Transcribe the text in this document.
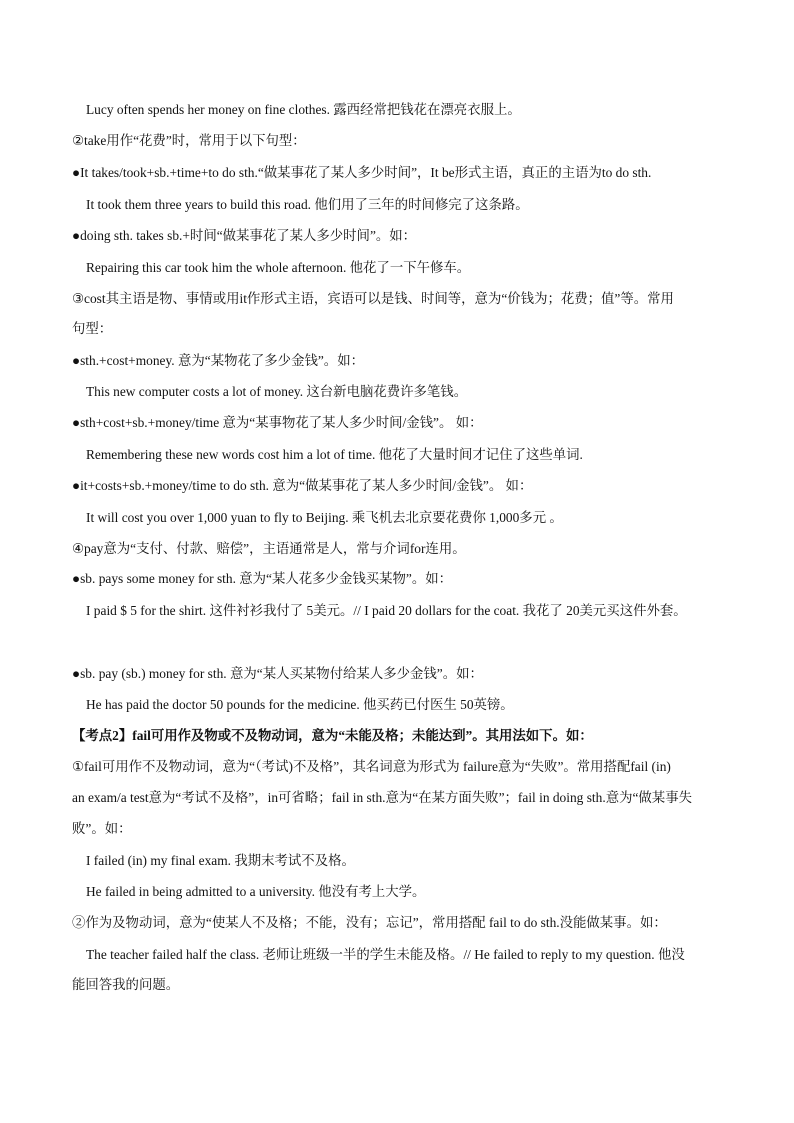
Lucy often spends her money on fine clothes. 露西经常把钱花在漂亮衣服上。
②take用作“花费”时，常用于以下句型：
●It takes/took+sb.+time+to do sth.“做某事花了某人多少时间”，It be形式主语，真正的主语为to do sth.
It took them three years to build this road. 他们用了三年的时间修完了这条路。
●doing sth. takes sb.+时间“做某事花了某人多少时间”。如：
Repairing this car took him the whole afternoon. 他花了一下午修车。
③cost其主语是物、事情或用it作形式主语，宾语可以是钱、时间等，意为“价钱为；花费；值”等。常用
句型：
●sth.+cost+money. 意为“某物花了多少金钱”。如：
This new computer costs a lot of money. 这台新电脑花费许多笔钱。
●sth+cost+sb.+money/time 意为“某事物花了某人多少时间/金钱”。 如：
Remembering these new words cost him a lot of time. 他花了大量时间才记住了这些单词.
●it+costs+sb.+money/time to do sth. 意为“做某事花了某人多少时间/金钱”。 如：
It will cost you over 1,000 yuan to fly to Beijing. 乘飞机去北京要花费你 1,000多元 。
④pay意为“支付、付款、赔偿”，主语通常是人，常与介词for连用。
●sb. pays some money for sth. 意为“某人花多少金钱买某物”。如：
I paid $ 5 for the shirt. 这件衬衫我付了 5美元。// I paid 20 dollars for the coat. 我花了 20美元买这件外套。
●sb. pay (sb.) money for sth. 意为“某人买某物付给某人多少金钱”。如：
He has paid the doctor 50 pounds for the medicine. 他买药已付医生 50英镑。
【考点2】fail可用作及物或不及物动词，意为“未能及格；未能达到”。其用法如下。如：
①fail可用作不及物动词，意为“（考试)不及格”，其名词意为形式为 failure意为“失败”。常用搭配fail (in)
an exam/a test意为“考试不及格”，in可省略；fail in sth.意为“在某方面失败”；fail in doing sth.意为“做某事失
败”。如：
I failed (in) my final exam. 我期末考试不及格。
He failed in being admitted to a university. 他没有考上大学。
②作为及物动词，意为“使某人不及格；不能，没有；忘记”，常用搭配 fail to do sth.没能做某事。如：
The teacher failed half the class. 老师让班级一半的学生未能及格。// He failed to reply to my question. 他没
能回答我的问题。
